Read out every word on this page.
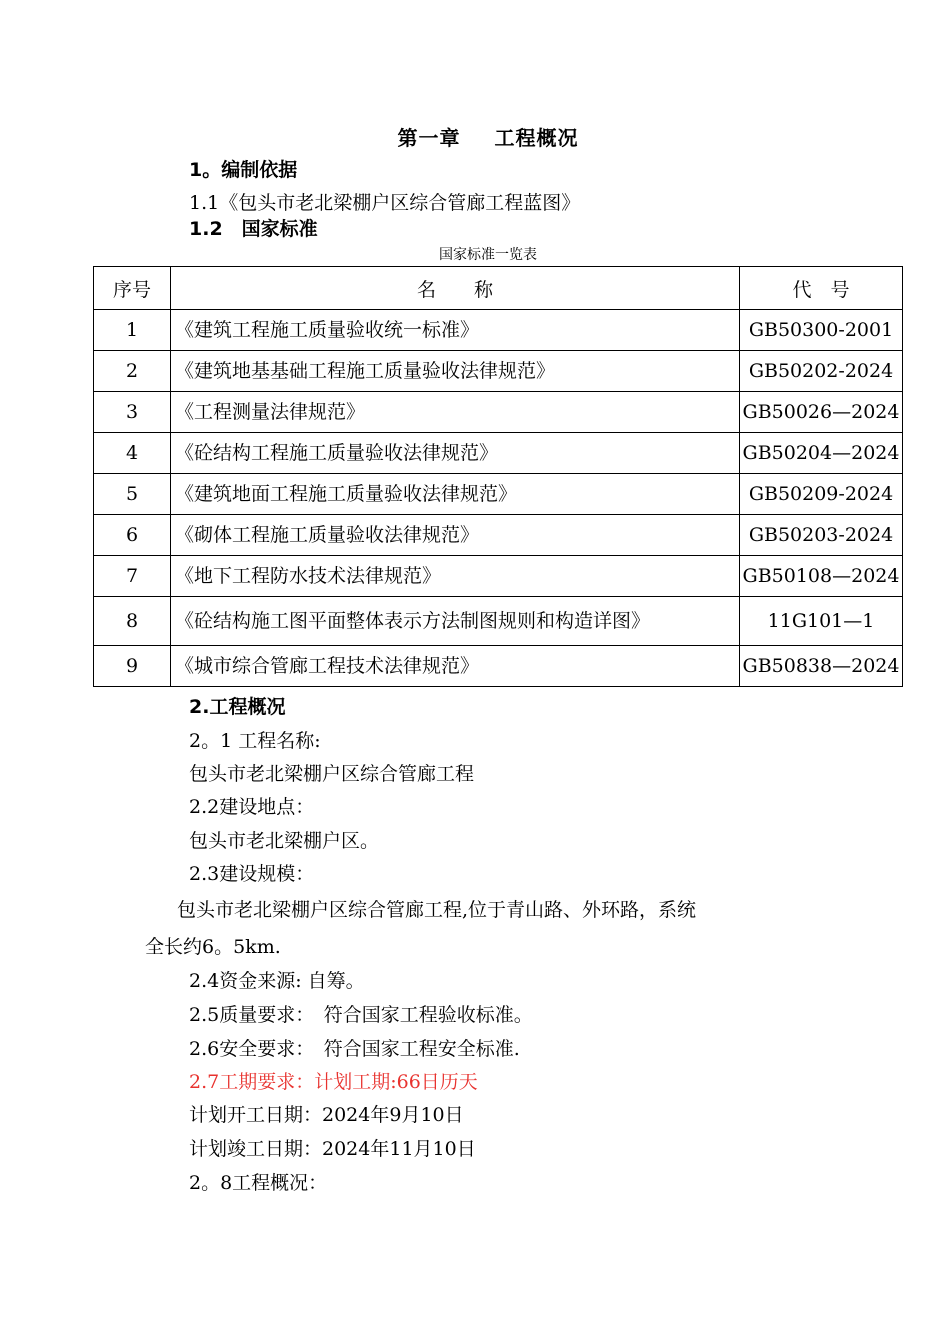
第一章 工程概况
1。编制依据
1.1《包头市老北梁棚户区综合管廊工程蓝图》
1.2　国家标准
国家标准一览表
序号	名　　称	代　号
1	《建筑工程施工质量验收统一标准》	GB50300-2001
2	《建筑地基基础工程施工质量验收法律规范》	GB50202-2024
3	《工程测量法律规范》	GB50026—2024
4	《砼结构工程施工质量验收法律规范》	GB50204—2024
5	《建筑地面工程施工质量验收法律规范》	GB50209-2024
6	《砌体工程施工质量验收法律规范》	GB50203-2024
7	《地下工程防水技术法律规范》	GB50108—2024
8	《砼结构施工图平面整体表示方法制图规则和构造详图》	11G101—1
9	《城市综合管廊工程技术法律规范》	GB50838—2024
2.工程概况
2。1 工程名称:
包头市老北梁棚户区综合管廊工程
2.2建设地点：
包头市老北梁棚户区。
2.3建设规模：
包头市老北梁棚户区综合管廊工程,位于青山路、外环路，系统
全长约6。5km.
2.4资金来源: 自筹。
2.5质量要求：　符合国家工程验收标准。
2.6安全要求：　符合国家工程安全标准.
2.7工期要求：计划工期:66日历天
计划开工日期：2024年9月10日
计划竣工日期：2024年11月10日
2。8工程概况：
